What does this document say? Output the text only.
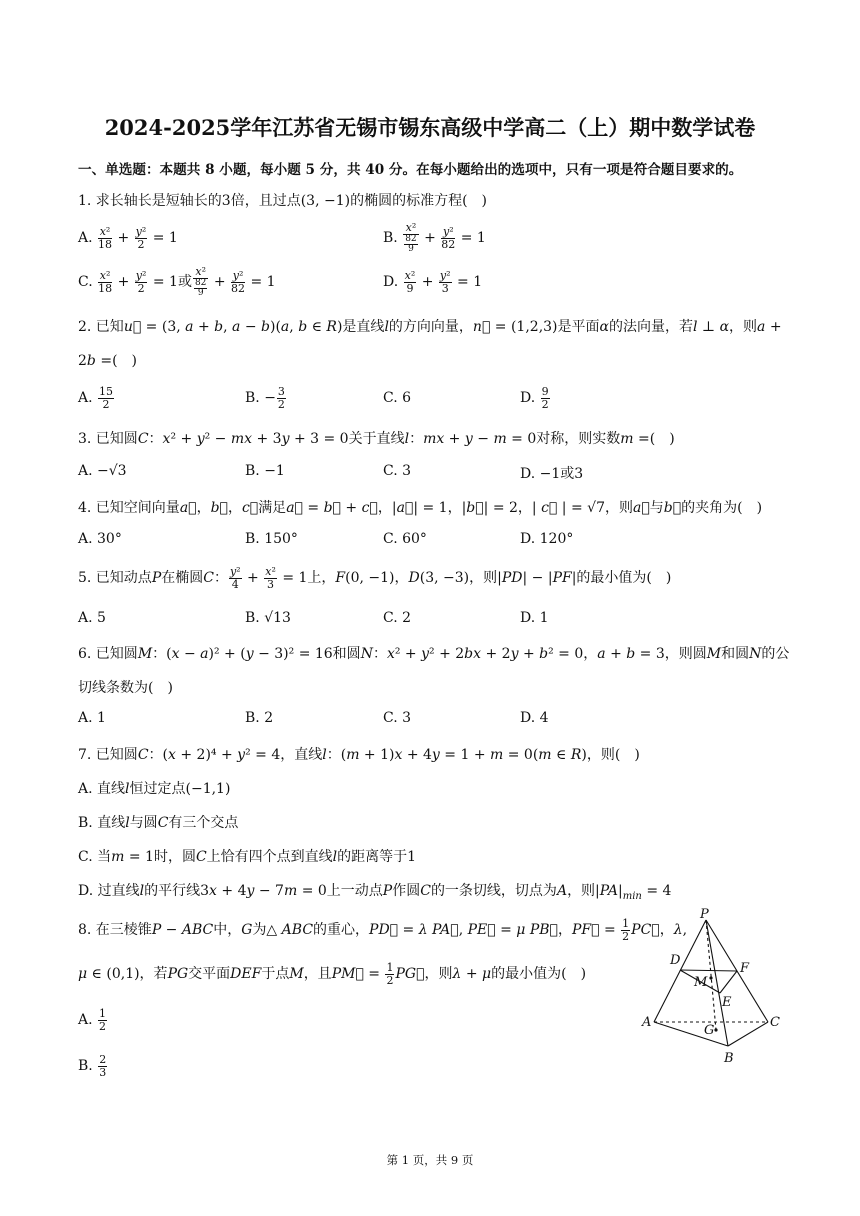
2024-2025学年江苏省无锡市锡东高级中学高二（上）期中数学试卷
一、单选题：本题共 8 小题，每小题 5 分，共 40 分。在每小题给出的选项中，只有一项是符合题目要求的。
1. 求长轴长是短轴长的3倍，且过点(3, −1)的椭圆的标准方程(　)
A. $\frac{\text{x²}}{18} + \frac{\text{y²}}{2} = 1$	B. $\frac{\text{x²}}{\frac{82}{9}} + \frac{\text{y²}}{82} = 1$
C. $\frac{\text{x²}}{18} + \frac{\text{y²}}{2} = 1$或 $\frac{\text{x²}}{\frac{82}{9}} + \frac{\text{y²}}{82} = 1$	D. $\frac{\text{x²}}{9} + \frac{\text{y²}}{3} = 1$
2. 已知u⃗ = (3, a + b, a − b)(a, b ∈ R)是直线l的方向向量，n⃗ = (1,2,3)是平面α的法向量，若l ⊥ α，则a +
2b =(　)
A. $\frac{15}{2}$	B. − $\frac{3}{2}$	C. 6	D. $\frac{9}{2}$
3. 已知圆C：x² + y² − mx + 3y + 3 = 0关于直线l：mx + y − m = 0对称，则实数m =(　)
A. −√3	B. −1	C. 3	D. −1或3
4. 已知空间向量a⃗，b⃗，c⃗满足a⃗ = b⃗ + c⃗，|a⃗| = 1，|b⃗| = 2，| c⃗ | = √7，则a⃗与b⃗的夹角为(　)
A. 30°	B. 150°	C. 60°	D. 120°
5. 已知动点P在椭圆C： $\frac{\text{y²}}{4} + \frac{\text{x²}}{3} = 1$上，F(0, −1)，D(3, −3)，则|PD| − |PF|的最小值为(　)
A. 5	B. √13	C. 2	D. 1
6. 已知圆M：(x − a)² + (y − 3)² = 16和圆N：x² + y² + 2bx + 2y + b² = 0，a + b = 3，则圆M和圆N的公
切线条数为(　)
A. 1	B. 2	C. 3	D. 4
7. 已知圆C：(x + 2)⁴ + y² = 4，直线l：(m + 1)x + 4y = 1 + m = 0(m ∈ R)，则(　)
A. 直线l恒过定点(−1,1)
B. 直线l与圆C有三个交点
C. 当m = 1时，圆C上恰有四个点到直线l的距离等于1
D. 过直线l的平行线3x + 4y − 7m = 0上一动点P作圆C的一条切线，切点为A，则$|PA|_{min} = 4$
8. 在三棱锥P − ABC中，G为△ ABC的重心，PD⃗ = λ PA⃗, PE⃗ = μ PB⃗，PF⃗ = $\frac{1}{2}$ PC⃗，λ,
μ ∈ (0,1)，若PG交平面DEF于点M，且PM⃗ = $\frac{1}{2}$ PG⃗，则λ + μ的最小值为(　)
A. $\frac{1}{2}$
B. $\frac{2}{3}$
P
D
M
F
E
A
G
C
B
第 1 页，共 9 页
